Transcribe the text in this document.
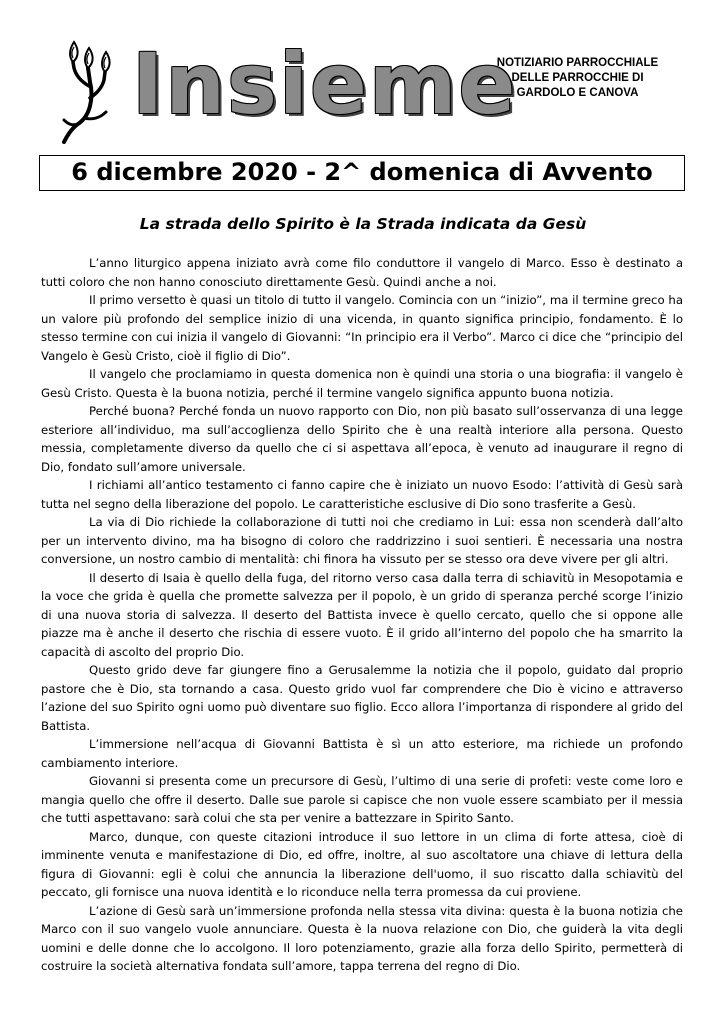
Insieme
NOTIZIARIO PARROCCHIALE
DELLE PARROCCHIE DI
GARDOLO E CANOVA
6 dicembre 2020 - 2^ domenica di Avvento
La strada dello Spirito è la Strada indicata da Gesù

L’anno liturgico appena iniziato avrà come filo conduttore il vangelo di Marco. Esso è destinato a tutti coloro che non hanno conosciuto direttamente Gesù. Quindi anche a noi.

Il primo versetto è quasi un titolo di tutto il vangelo. Comincia con un “inizio”, ma il termine greco ha un valore più profondo del semplice inizio di una vicenda, in quanto significa principio, fondamento. È lo stesso termine con cui inizia il vangelo di Giovanni: “In principio era il Verbo”. Marco ci dice che “principio del Vangelo è Gesù Cristo, cioè il figlio di Dio”.

Il vangelo che proclamiamo in questa domenica non è quindi una storia o una biografia: il vangelo è Gesù Cristo. Questa è la buona notizia, perché il termine vangelo significa appunto buona notizia.

Perché buona? Perché fonda un nuovo rapporto con Dio, non più basato sull’osservanza di una legge esteriore all’individuo, ma sull’accoglienza dello Spirito che è una realtà interiore alla persona. Questo messia, completamente diverso da quello che ci si aspettava all’epoca, è venuto ad inaugurare il regno di Dio, fondato sull’amore universale.

I richiami all’antico testamento ci fanno capire che è iniziato un nuovo Esodo: l’attività di Gesù sarà tutta nel segno della liberazione del popolo. Le caratteristiche esclusive di Dio sono trasferite a Gesù.

La via di Dio richiede la collaborazione di tutti noi che crediamo in Lui: essa non scenderà dall’alto per un intervento divino, ma ha bisogno di coloro che raddrizzino i suoi sentieri. È necessaria una nostra conversione, un nostro cambio di mentalità: chi finora ha vissuto per se stesso ora deve vivere per gli altri.

Il deserto di Isaia è quello della fuga, del ritorno verso casa dalla terra di schiavitù in Mesopotamia e la voce che grida è quella che promette salvezza per il popolo, è un grido di speranza perché scorge l’inizio di una nuova storia di salvezza. Il deserto del Battista invece è quello cercato, quello che si oppone alle piazze ma è anche il deserto che rischia di essere vuoto. È il grido all’interno del popolo che ha smarrito la capacità di ascolto del proprio Dio.

Questo grido deve far giungere fino a Gerusalemme la notizia che il popolo, guidato dal proprio pastore che è Dio, sta tornando a casa. Questo grido vuol far comprendere che Dio è vicino e attraverso l’azione del suo Spirito ogni uomo può diventare suo figlio. Ecco allora l’importanza di rispondere al grido del Battista.

L’immersione nell’acqua di Giovanni Battista è sì un atto esteriore, ma richiede un profondo cambiamento interiore.

Giovanni si presenta come un precursore di Gesù, l’ultimo di una serie di profeti: veste come loro e mangia quello che offre il deserto. Dalle sue parole si capisce che non vuole essere scambiato per il messia che tutti aspettavano: sarà colui che sta per venire a battezzare in Spirito Santo.

Marco, dunque, con queste citazioni introduce il suo lettore in un clima di forte attesa, cioè di imminente venuta e manifestazione di Dio, ed offre, inoltre, al suo ascoltatore una chiave di lettura della figura di Giovanni: egli è colui che annuncia la liberazione dell'uomo, il suo riscatto dalla schiavitù del peccato, gli fornisce una nuova identità e lo riconduce nella terra promessa da cui proviene.

L’azione di Gesù sarà un’immersione profonda nella stessa vita divina: questa è la buona notizia che Marco con il suo vangelo vuole annunciare. Questa è la nuova relazione con Dio, che guiderà la vita degli uomini e delle donne che lo accolgono. Il loro potenziamento, grazie alla forza dello Spirito, permetterà di costruire la società alternativa fondata sull’amore, tappa terrena del regno di Dio.
